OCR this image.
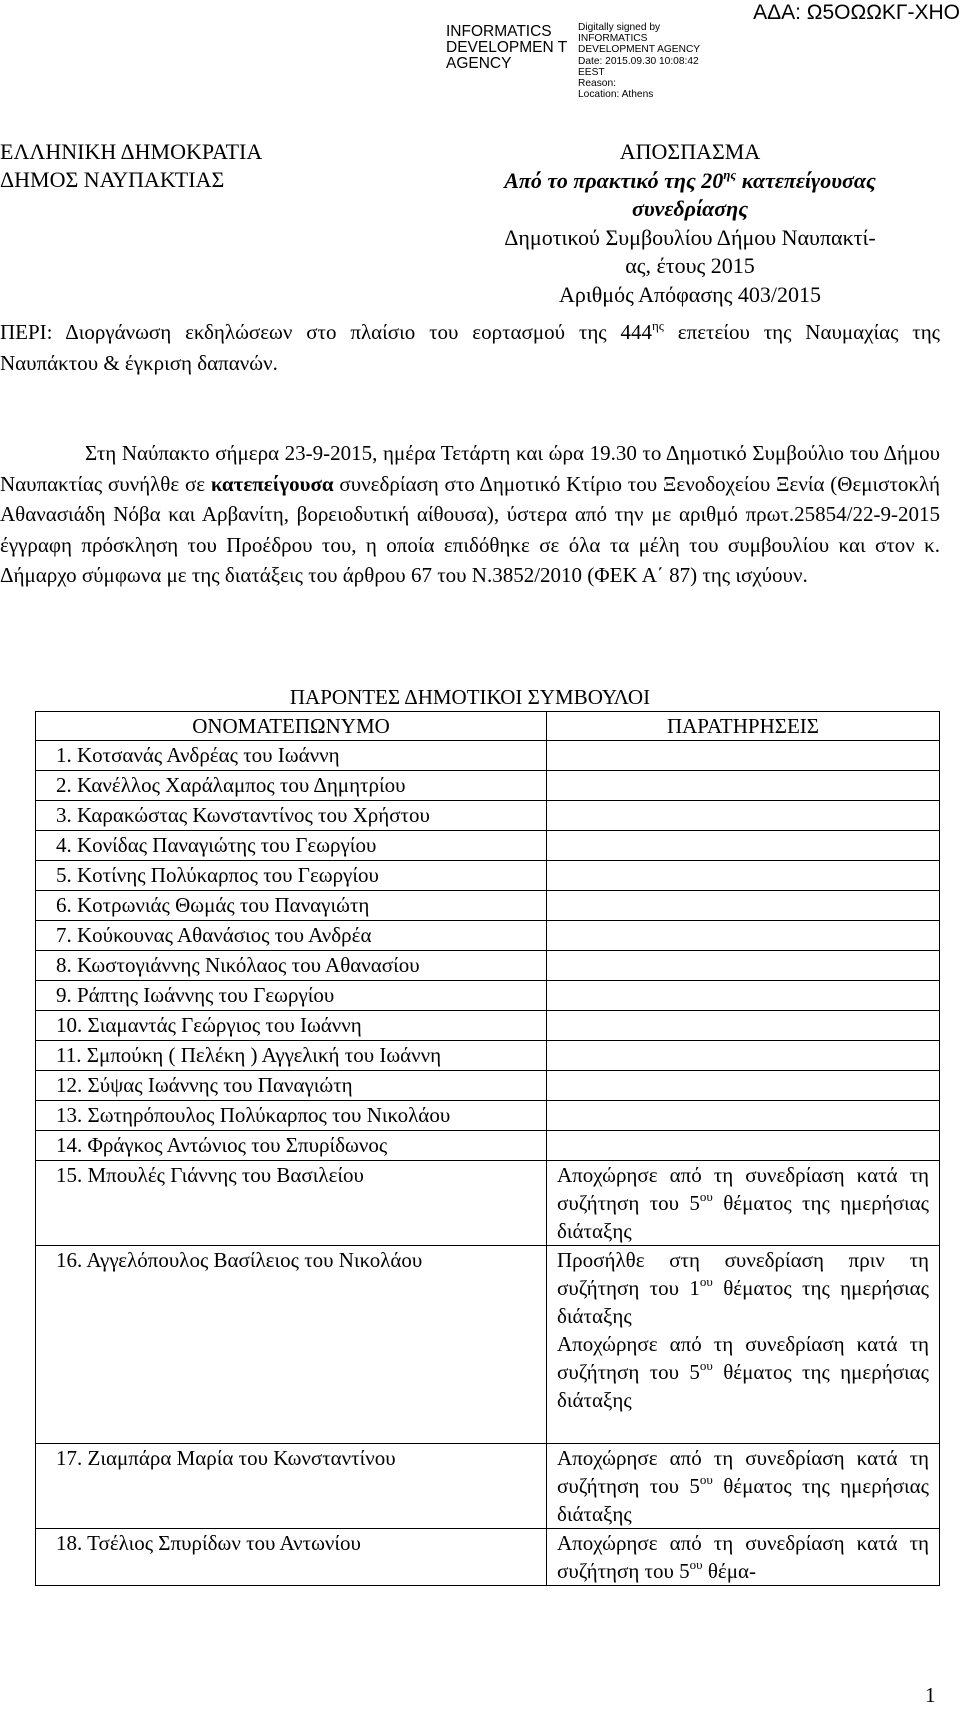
INFORMATICS DEVELOPMEN T AGENCY
Digitally signed by
INFORMATICS
DEVELOPMENT AGENCY
Date: 2015.09.30 10:08:42
EEST
Reason:
Location: Athens
ΑΔΑ: Ω5ΟΩΩΚΓ-ΧΗΟ
ΕΛΛΗΝΙΚΗ ΔΗΜΟΚΡΑΤΙΑ
ΔΗΜΟΣ ΝΑΥΠΑΚΤΙΑΣ
ΑΠΟΣΠΑΣΜΑ
Από το πρακτικό της $20^{\eta\varsigma}$ κατεπείγουσας
συνεδρίασης
Δημοτικού Συμβουλίου Δήμου Ναυπακτί-
ας, έτους 2015
Αριθμός Απόφασης 403/2015
ΠΕΡΙ: Διοργάνωση εκδηλώσεων στο πλαίσιο του εορτασμού της $444^{\eta\varsigma}$ επετείου της Ναυμαχίας της Ναυπάκτου & έγκριση δαπανών.
Στη Ναύπακτο σήμερα 23-9-2015, ημέρα Τετάρτη και ώρα 19.30 το Δημοτικό Συμβούλιο του Δήμου Ναυπακτίας συνήλθε σε κατεπείγουσα συνεδρίαση στο Δημοτικό Κτίριο του Ξενοδοχείου Ξενία (Θεμιστοκλή Αθανασιάδη Νόβα και Αρβανίτη, βορειοδυτική αίθουσα), ύστερα από την με αριθμό πρωτ.25854/22-9-2015 έγγραφη πρόσκληση του Προέδρου του, η οποία επιδόθηκε σε όλα τα μέλη του συμβουλίου και στον κ. Δήμαρχο σύμφωνα με της διατάξεις του άρθρου 67 του Ν.3852/2010 (ΦΕΚ Α΄ 87) της ισχύουν.
ΠΑΡΟΝΤΕΣ ΔΗΜΟΤΙΚΟΙ ΣΥΜΒΟΥΛΟΙ
ΟΝΟΜΑΤΕΠΩΝΥΜΟ	ΠΑΡΑΤΗΡΗΣΕΙΣ
1. Κοτσανάς Ανδρέας του Ιωάννη	
2. Κανέλλος Χαράλαμπος του Δημητρίου	
3. Καρακώστας Κωνσταντίνος του Χρήστου	
4. Κονίδας Παναγιώτης του Γεωργίου	
5. Κοτίνης Πολύκαρπος του Γεωργίου	
6. Κοτρωνιάς Θωμάς του Παναγιώτη	
7. Κούκουνας Αθανάσιος του Ανδρέα	
8. Κωστογιάννης Νικόλαος του Αθανασίου	
9. Ράπτης Ιωάννης του Γεωργίου	
10. Σιαμαντάς Γεώργιος του Ιωάννη	
11. Σμπούκη ( Πελέκη ) Αγγελική του Ιωάννη	
12. Σύψας Ιωάννης του Παναγιώτη	
13. Σωτηρόπουλος Πολύκαρπος του Νικολάου	
14. Φράγκος Αντώνιος του Σπυρίδωνος	
15. Μπουλές Γιάννης του Βασιλείου	Αποχώρησε από τη συνεδρίαση κατά τη συζήτηση του $5^{o\upsilon}$ θέματος της ημερήσιας διάταξης
16. Αγγελόπουλος Βασίλειος του Νικολάου	Προσήλθε στη συνεδρίαση πριν τη συζήτηση του $1^{o\upsilon}$ θέματος της ημερήσιας διάταξης
Αποχώρησε από τη συνεδρίαση κατά τη συζήτηση του $5^{o\upsilon}$ θέματος της ημερήσιας διάταξης

17. Ζιαμπάρα Μαρία του Κωνσταντίνου	Αποχώρησε από τη συνεδρίαση κατά τη συζήτηση του $5^{o\upsilon}$ θέματος της ημερήσιας διάταξης
18. Τσέλιος Σπυρίδων του Αντωνίου	Αποχώρησε από τη συνεδρίαση κατά τη συζήτηση του $5^{o\upsilon}$ θέμα-
1
